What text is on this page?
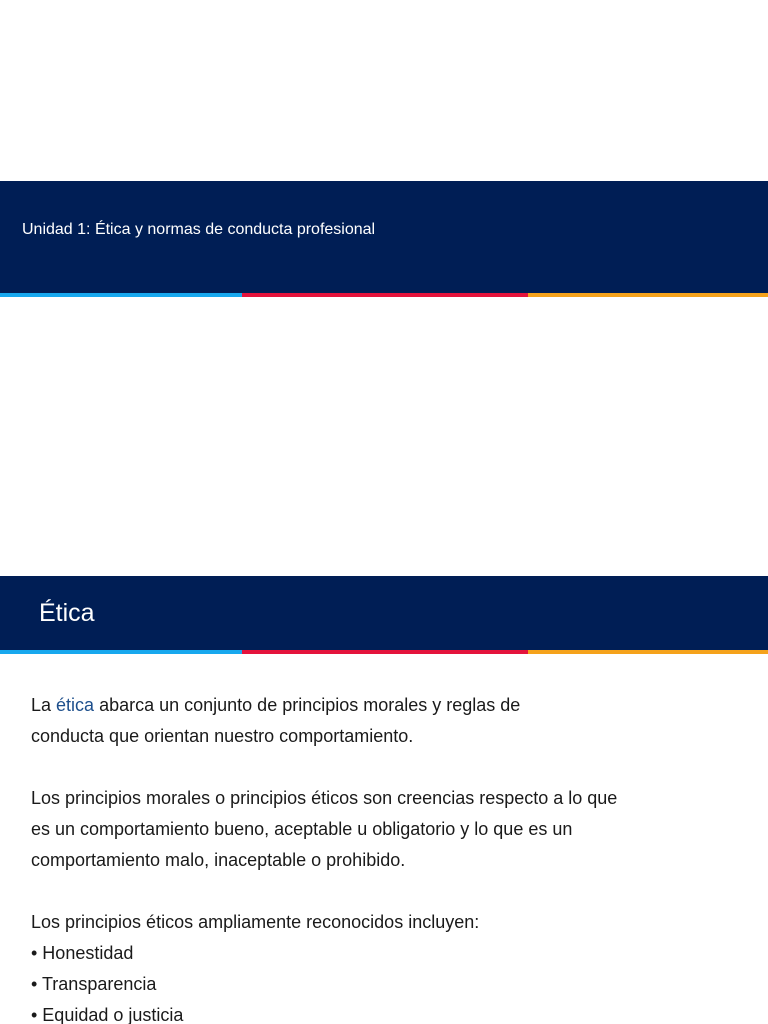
Unidad 1: Ética y normas de conducta profesional
Ética

La ética abarca un conjunto de principios morales y reglas de
conducta que orientan nuestro comportamiento.

Los principios morales o principios éticos son creencias respecto a lo que
es un comportamiento bueno, aceptable u obligatorio y lo que es un
comportamiento malo, inaceptable o prohibido.

Los principios éticos ampliamente reconocidos incluyen:

• Honestidad
• Transparencia
• Equidad o justicia
